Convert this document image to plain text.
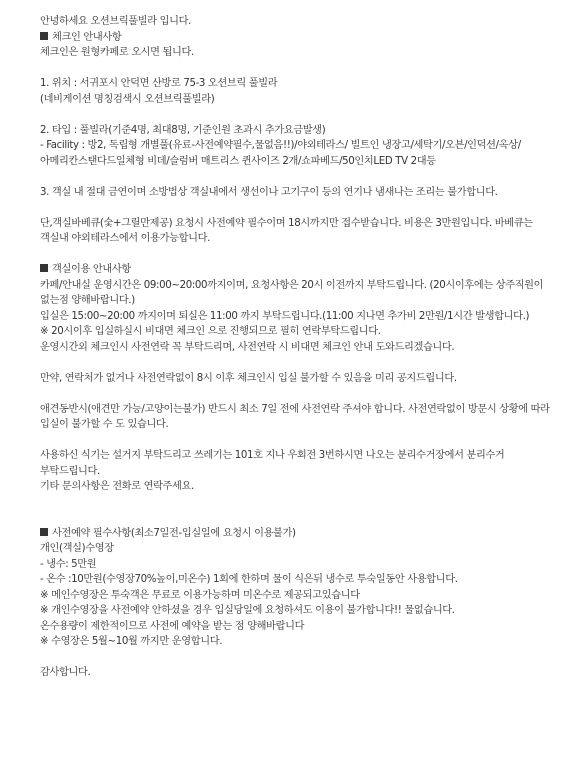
안녕하세요 오션브릭풀빌라 입니다.

체크인 안내사항

체크인은 원형카페로 오시면 됩니다.

1. 위치 : 서귀포시 안덕면 산방로 75-3 오션브릭 풀빌라

(네비게이션 명칭검색시 오션브릭풀빌라)

2. 타입 : 풀빌라(기준4명, 최대8명, 기준인원 초과시 추가요금발생)

- Facility : 방2, 독립형 개별풀(유료-사전예약필수,물없음!!)/야외테라스/ 빌트인 냉장고/세탁기/오븐/인덕션/옥상/ 아메리칸스탠다드일체형 비데/슬럼버 매트리스 퀸사이즈 2개/쇼파베드/50인치LED TV 2대등

3. 객실 내 절대 금연이며 소방법상 객실내에서 생선이나 고기구이 등의 연기나 냄새나는 조리는 불가합니다.

단,객실바베큐(숯+그릴만제공) 요청시 사전예약 필수이며 18시까지만 접수받습니다. 비용은 3만원입니다. 바베큐는 객실내 야외테라스에서 이용가능합니다.

객실이용 안내사항

카페/안내실 운영시간은 09:00~20:00까지이며, 요청사항은 20시 이전까지 부탁드립니다. (20시이후에는 상주직원이 없는점 양해바랍니다.)

입실은 15:00~20:00 까지이며 퇴실은 11:00 까지 부탁드립니다.(11:00 지나면 추가비 2만원/1시간 발생합니다.)

※ 20시이후 입실하실시 비대면 체크인 으로 진행되므로 필히 연락부탁드립니다.

운영시간외 체크인시 사전연락 꼭 부탁드리며, 사전연락 시 비대면 체크인 안내 도와드리겠습니다.

만약, 연락처가 없거나 사전연락없이 8시 이후 체크인시 입실 불가할 수 있음을 미리 공지드립니다.

애견동반시(애견만 가능/고양이는불가) 반드시 최소 7일 전에 사전연락 주셔야 합니다. 사전연락없이 방문시 상황에 따라 입실이 불가할 수 도 있습니다.

사용하신 식기는 설거지 부탁드리고 쓰레기는 101호 지나 우회전 3번하시면 나오는 분리수거장에서 분리수거 부탁드립니다.

기타 문의사항은 전화로 연락주세요.

사전예약 필수사항(최소7일전-입실일에 요청시 이용불가)

개인(객실)수영장

- 냉수: 5만원

- 온수 :10만원(수영장70%높이,미온수) 1회에 한하며 물이 식은뒤 냉수로 투숙일동안 사용합니다.

※ 메인수영장은 투숙객은 무료로 이용가능하며 미온수로 제공되고있습니다

※ 개인수영장을 사전예약 안하셨을 경우 입실당일에 요청하셔도 이용이 불가합니다!! 물없습니다.

온수용량이 제한적이므로 사전에 예약을 받는 점 양해바랍니다

※ 수영장은 5월~10월 까지만 운영합니다.

감사합니다.
